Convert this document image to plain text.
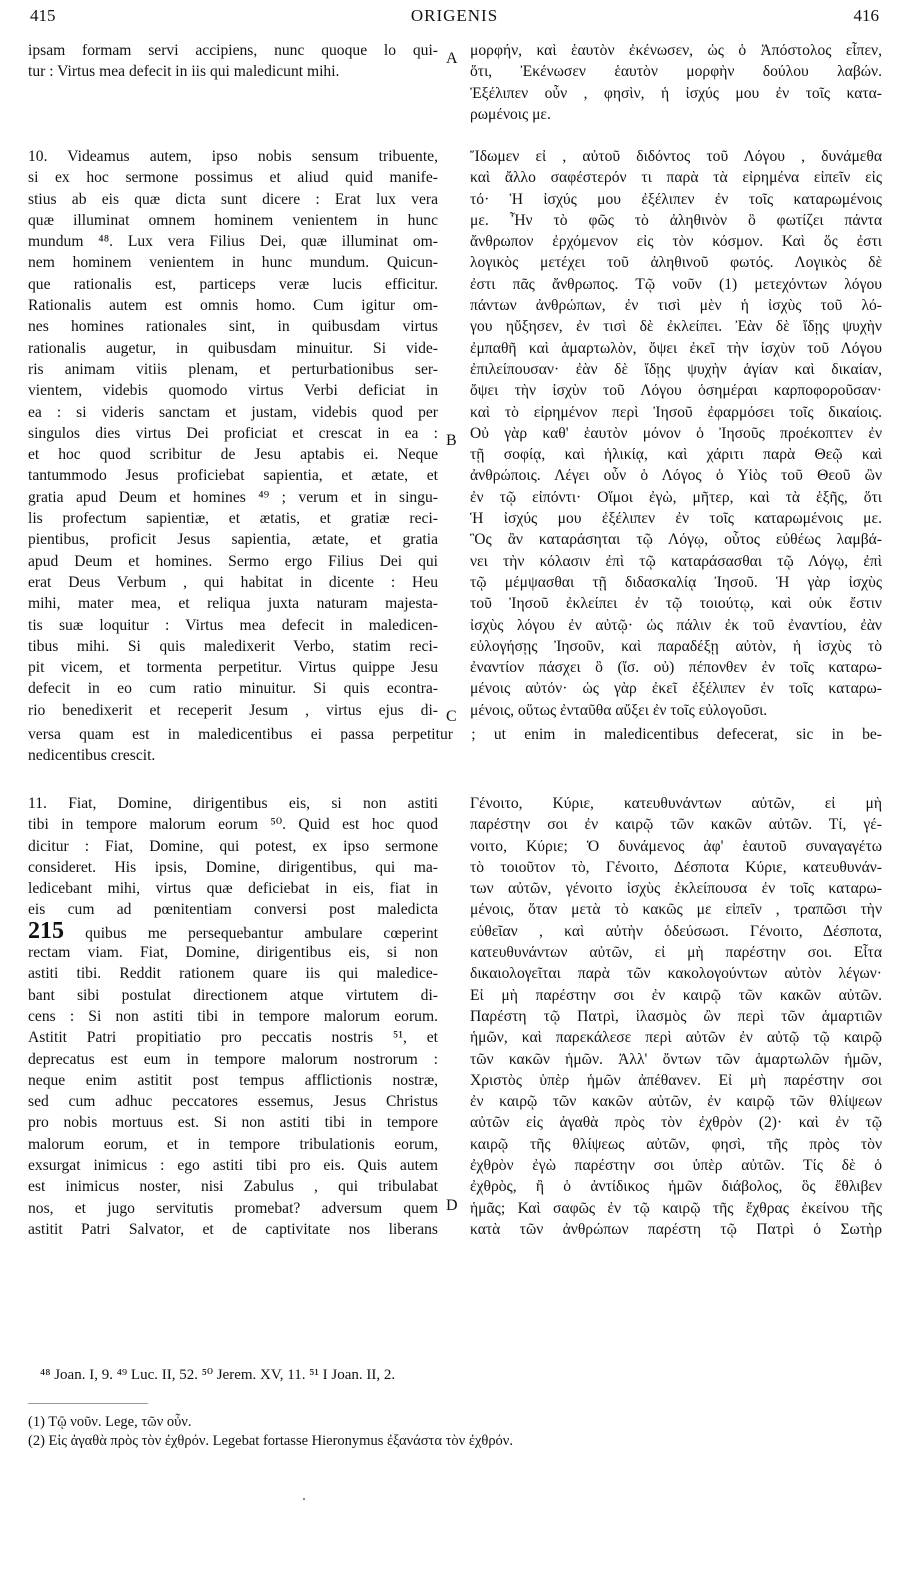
415	ORIGENIS	416
ipsam formam servi accipiens, nunc quoque lo qui-
tur : Virtus mea defecit in iis qui maledicunt mihi.
10. Videamus autem, ipso nobis sensum tribuente,
si ex hoc sermone possimus et aliud quid manife-
stius ab eis quæ dicta sunt dicere : Erat lux vera
quæ illuminat omnem hominem venientem in hunc
mundum ⁴⁸. Lux vera Filius Dei, quæ illuminat om-
nem hominem venientem in hunc mundum. Quicun-
que rationalis est, particeps veræ lucis efficitur.
Rationalis autem est omnis homo. Cum igitur om-
nes homines rationales sint, in quibusdam virtus
rationalis augetur, in quibusdam minuitur. Si vide-
ris animam vitiis plenam, et perturbationibus ser-
vientem, videbis quomodo virtus Verbi deficiat in
ea : si videris sanctam et justam, videbis quod per
singulos dies virtus Dei proficiat et crescat in ea :
et hoc quod scribitur de Jesu aptabis ei. Neque
tantummodo Jesus proficiebat sapientia, et ætate, et
gratia apud Deum et homines ⁴⁹ ; verum et in singu-
lis profectum sapientiæ, et ætatis, et gratiæ reci-
pientibus, proficit Jesus sapientia, ætate, et gratia
apud Deum et homines. Sermo ergo Filius Dei qui
erat Deus Verbum , qui habitat in dicente : Heu
mihi, mater mea, et reliqua juxta naturam majesta-
tis suæ loquitur : Virtus mea defecit in maledicen-
tibus mihi. Si quis maledixerit Verbo, statim reci-
pit vicem, et tormenta perpetitur. Virtus quippe Jesu
defecit in eo cum ratio minuitur. Si quis econtra-
rio benedixerit et receperit Jesum , virtus ejus di-
versa quam est in maledicentibus ei passa perpetitur ; ut enim in maledicentibus defecerat, sic in be-
nedicentibus crescit.
11. Fiat, Domine, dirigentibus eis, si non astiti
tibi in tempore malorum eorum ⁵⁰. Quid est hoc quod
dicitur : Fiat, Domine, qui potest, ex ipso sermone
consideret. His ipsis, Domine, dirigentibus, qui ma-
ledicebant mihi, virtus quæ deficiebat in eis, fiat in
eis cum ad pœnitentiam conversi post maledicta
215 quibus me persequebantur ambulare cœperint
rectam viam. Fiat, Domine, dirigentibus eis, si non
astiti tibi. Reddit rationem quare iis qui maledice-
bant sibi postulat directionem atque virtutem di-
cens : Si non astiti tibi in tempore malorum eorum.
Astitit Patri propitiatio pro peccatis nostris ⁵¹, et
deprecatus est eum in tempore malorum nostrorum :
neque enim astitit post tempus afflictionis nostræ,
sed cum adhuc peccatores essemus, Jesus Christus
pro nobis mortuus est. Si non astiti tibi in tempore
malorum eorum, et in tempore tribulationis eorum,
exsurgat inimicus : ego astiti tibi pro eis. Quis autem
est inimicus noster, nisi Zabulus , qui tribulabat
nos, et jugo servitutis promebat? adversum quem
astitit Patri Salvator, et de captivitate nos liberans
μορφήν, καὶ ἑαυτὸν ἐκένωσεν, ὡς ὁ Ἀπόστολος εἶπεν,
ὅτι, Ἐκένωσεν ἑαυτὸν μορφὴν δούλου λαβών.
Ἐξέλιπεν οὖν , φησὶν, ἡ ἰσχύς μου ἐν τοῖς κατα-
ρωμένοις με.
Ἴδωμεν εἰ , αὐτοῦ διδόντος τοῦ Λόγου , δυνάμεθα
καὶ ἄλλο σαφέστερόν τι παρὰ τὰ εἰρημένα εἰπεῖν εἰς
τό· Ἡ ἰσχύς μου ἐξέλιπεν ἐν τοῖς καταρωμένοις
με. Ἦν τὸ φῶς τὸ ἀληθινὸν ὃ φωτίζει πάντα
ἄνθρωπον ἐρχόμενον εἰς τὸν κόσμον. Καὶ ὅς ἐστι
λογικὸς μετέχει τοῦ ἀληθινοῦ φωτός. Λογικὸς δὲ
ἐστι πᾶς ἄνθρωπος. Τῷ νοῦν (1) μετεχόντων λόγου
πάντων ἀνθρώπων, ἐν τισὶ μὲν ἡ ἰσχὺς τοῦ λό-
γου ηὔξησεν, ἐν τισὶ δὲ ἐκλείπει. Ἐὰν δὲ ἴδῃς ψυχὴν
ἐμπαθῆ καὶ ἁμαρτωλὸν, ὄψει ἐκεῖ τὴν ἰσχὺν τοῦ Λόγου
ἐπιλείπουσαν· ἐὰν δὲ ἴδῃς ψυχὴν ἁγίαν καὶ δικαίαν,
ὄψει τὴν ἰσχὺν τοῦ Λόγου ὁσημέραι καρποφοροῦσαν·
καὶ τὸ εἰρημένον περὶ Ἰησοῦ ἐφαρμόσει τοῖς δικαίοις.
Οὐ γὰρ καθ' ἑαυτὸν μόνον ὁ Ἰησοῦς προέκοπτεν ἐν
τῇ σοφίᾳ, καὶ ἡλικίᾳ, καὶ χάριτι παρὰ Θεῷ καὶ
ἀνθρώποις. Λέγει οὖν ὁ Λόγος ὁ Υἱὸς τοῦ Θεοῦ ὢν
ἐν τῷ εἰπόντι· Οἴμοι ἐγὼ, μῆτερ, καὶ τὰ ἑξῆς, ὅτι
Ἡ ἰσχύς μου ἐξέλιπεν ἐν τοῖς καταρωμένοις με.
Ὃς ἂν καταράσηται τῷ Λόγῳ, οὗτος εὐθέως λαμβά-
νει τὴν κόλασιν ἐπὶ τῷ καταράσασθαι τῷ Λόγῳ, ἐπὶ
τῷ μέμψασθαι τῇ διδασκαλίᾳ Ἰησοῦ. Ἡ γὰρ ἰσχὺς
τοῦ Ἰησοῦ ἐκλείπει ἐν τῷ τοιούτῳ, καὶ οὐκ ἔστιν
ἰσχὺς λόγου ἐν αὐτῷ· ὡς πάλιν ἐκ τοῦ ἐναντίου, ἐὰν
εὐλογήσῃς Ἰησοῦν, καὶ παραδέξῃ αὐτὸν, ἡ ἰσχὺς τὸ
ἐναντίον πάσχει ὃ (ἴσ. οὐ) πέπονθεν ἐν τοῖς καταρω-
μένοις αὐτόν· ὡς γὰρ ἐκεῖ ἐξέλιπεν ἐν τοῖς καταρω-
μένοις, οὕτως ἐνταῦθα αὔξει ἐν τοῖς εὐλογοῦσι.
Γένοιτο, Κύριε, κατευθυνάντων αὐτῶν, εἰ μὴ
παρέστην σοι ἐν καιρῷ τῶν κακῶν αὐτῶν. Τί, γέ-
νοιτο, Κύριε; Ὁ δυνάμενος ἀφ' ἑαυτοῦ συναγαγέτω
τὸ τοιοῦτον τὸ, Γένοιτο, Δέσποτα Κύριε, κατευθυνάν-
των αὐτῶν, γένοιτο ἰσχὺς ἐκλείπουσα ἐν τοῖς καταρω-
μένοις, ὅταν μετὰ τὸ κακῶς με εἰπεῖν , τραπῶσι τὴν
εὐθεῖαν , καὶ αὐτὴν ὁδεύσωσι. Γένοιτο, Δέσποτα,
κατευθυνάντων αὐτῶν, εἰ μὴ παρέστην σοι. Εἶτα
δικαιολογεῖται παρὰ τῶν κακολογούντων αὐτὸν λέγων·
Εἰ μὴ παρέστην σοι ἐν καιρῷ τῶν κακῶν αὐτῶν.
Παρέστη τῷ Πατρὶ, ἱλασμὸς ὢν περὶ τῶν ἁμαρτιῶν
ἡμῶν, καὶ παρεκάλεσε περὶ αὐτῶν ἐν αὐτῷ τῷ καιρῷ
τῶν κακῶν ἡμῶν. Ἀλλ' ὄντων τῶν ἁμαρτωλῶν ἡμῶν,
Χριστὸς ὑπὲρ ἡμῶν ἀπέθανεν. Εἰ μὴ παρέστην σοι
ἐν καιρῷ τῶν κακῶν αὐτῶν, ἐν καιρῷ τῶν θλίψεων
αὐτῶν εἰς ἀγαθὰ πρὸς τὸν ἐχθρὸν (2)· καὶ ἐν τῷ
καιρῷ τῆς θλίψεως αὐτῶν, φησὶ, τῆς πρὸς τὸν
ἐχθρὸν ἐγὼ παρέστην σοι ὑπὲρ αὐτῶν. Τίς δὲ ὁ
ἐχθρὸς, ἢ ὁ ἀντίδικος ἡμῶν διάβολος, ὃς ἔθλιβεν
ἡμᾶς; Καὶ σαφῶς ἐν τῷ καιρῷ τῆς ἔχθρας ἐκείνου τῆς
κατὰ τῶν ἀνθρώπων παρέστη τῷ Πατρὶ ὁ Σωτὴρ
A
B
C
D
⁴⁸ Joan. I, 9. ⁴⁹ Luc. II, 52. ⁵⁰ Jerem. XV, 11. ⁵¹ I Joan. II, 2.
(1) Τῷ νοῦν. Lege, τῶν οὖν.
(2) Εἰς ἀγαθὰ πρὸς τὸν ἐχθρόν. Legebat fortasse Hieronymus ἐξανάστα τὸν ἐχθρόν.
